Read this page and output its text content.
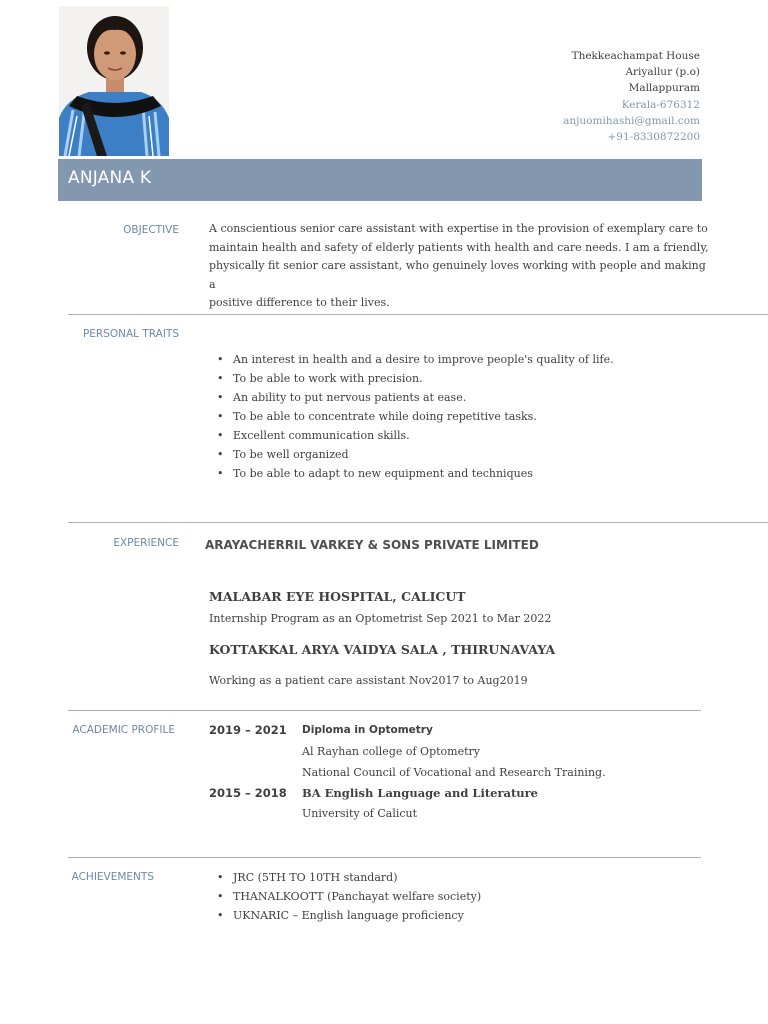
Thekkeachampat House
Ariyallur (p.o)
Mallappuram
Kerala-676312
anjuomihashi@gmail.com
+91-8330872200
ANJANA K
OBJECTIVE	A conscientious senior care assistant with expertise in the provision of exemplary care to
maintain health and safety of elderly patients with health and care needs. I am a friendly,
physically fit senior care assistant, who genuinely loves working with people and making a
positive difference to their lives.
PERSONAL TRAITS
• An interest in health and a desire to improve people's quality of life.
• To be able to work with precision.
• An ability to put nervous patients at ease.
• To be able to concentrate while doing repetitive tasks.
• Excellent communication skills.
• To be well organized
• To be able to adapt to new equipment and techniques
EXPERIENCE ARAYACHERRIL VARKEY & SONS PRIVATE LIMITED
MALABAR EYE HOSPITAL, CALICUT
Internship Program as an Optometrist Sep 2021 to Mar 2022
KOTTAKKAL ARYA VAIDYA SALA , THIRUNAVAYA
Working as a patient care assistant Nov2017 to Aug2019
ACADEMIC PROFILE	2019 – 2021 Diploma in Optometry
Al Rayhan college of Optometry
National Council of Vocational and Research Training.
2015 – 2018 BA English Language and Literature
University of Calicut
ACHIEVEMENTS
•	JRC (5TH TO 10TH standard)
• THANALKOOTT (Panchayat welfare society)
• UKNARIC – English language proficiency
